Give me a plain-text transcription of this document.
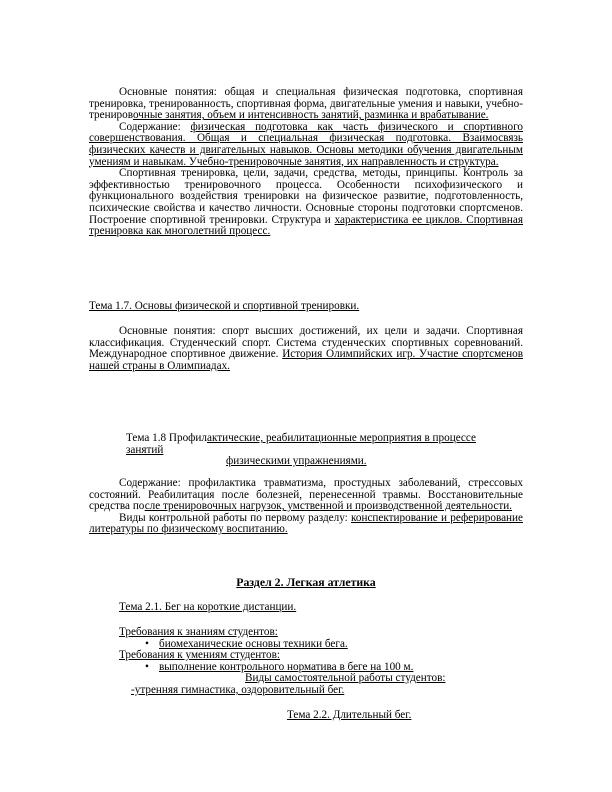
Основные понятия: общая и специальная физическая подготовка, спортивная тренировка, тренированность, спортивная форма, двигательные умения и навыки, учебно-тренировочные занятия, объем и интенсивность занятий, разминка и врабатывание.

Содержание: физическая подготовка как часть физического и спортивного совершенствования. Общая и специальная физическая подготовка. Взаимосвязь физических качеств и двигательных навыков. Основы методики обучения двигательным умениям и навыкам. Учебно-тренировочные занятия, их направленность и структура.

Спортивная тренировка, цели, задачи, средства, методы, принципы. Контроль за эффективностью тренировочного процесса. Особенности психофизического и функционального воздействия тренировки на физическое развитие, подготовленность, психические свойства и качество личности. Основные стороны подготовки спортсменов. Построение спортивной тренировки. Структура и характеристика ее циклов. Спортивная тренировка как многолетний процесс.

Тема 1.7. Основы физической и спортивной тренировки.

Основные понятия: спорт высших достижений, их цели и задачи. Спортивная классификация. Студенческий спорт. Система студенческих спортивных соревнований. Международное спортивное движение. История Олимпийских игр. Участие спортсменов нашей страны в Олимпиадах.

Тема 1.8 Профилактические, реабилитационные мероприятия в процессе занятий

физическими упражнениями.

Содержание: профилактика травматизма, простудных заболеваний, стрессовых состояний. Реабилитация после болезней, перенесенной травмы. Восстановительные средства после тренировочных нагрузок, умственной и производственной деятельности.

Виды контрольной работы по первому разделу: конспектирование и реферирование литературы по физическому воспитанию.

Раздел 2. Легкая атлетика

Тема 2.1. Бег на короткие дистанции.

Требования к знаниям студентов:

• биомеханические основы техники бега.

Требования к умениям студентов:

• выполнение контрольного норматива в беге на 100 м.

Виды самостоятельной работы студентов:

-утренняя гимнастика, оздоровительный бег.

Тема 2.2. Длительный бег.
